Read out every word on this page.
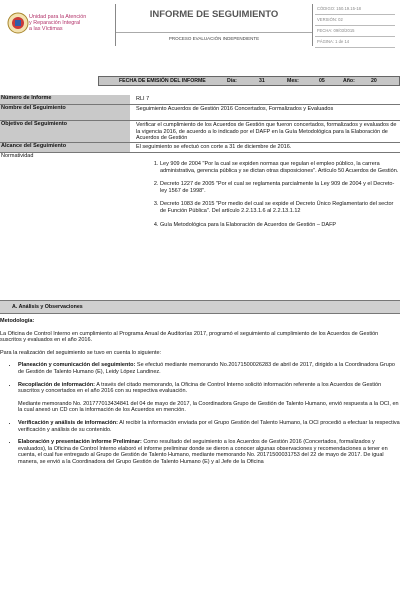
Unidad para la Atención
y Reparación Integral
a las Víctimas
INFORME DE SEGUIMIENTO
PROCESO EVALUACIÓN INDEPENDIENTE
CÓDIGO: 150.19.15-18
VERSIÓN: 02
FECHA: 09/03/2015
PÁGINA: 1 de 14
FECHA DE EMISIÓN DEL INFORME	Día:	31	Mes:	05	Año:	20
Número de Informe	RLI 7
Nombre del Seguimiento	Seguimiento Acuerdos de Gestión 2016 Concertados, Formalizados y Evaluados
Objetivo del Seguimiento	Verificar el cumplimiento de los Acuerdos de Gestión que fueron concertados, formalizados y evaluados de la vigencia 2016, de acuerdo a lo indicado por el DAFP en la Guía Metodológica para la Elaboración de Acuerdos de Gestión
Alcance del Seguimiento	El seguimiento se efectuó con corte a 31 de diciembre de 2016.
Normatividad
1. Ley 909 de 2004 "Por la cual se expiden normas que regulan el empleo público, la carrera administrativa, gerencia pública y se dictan otras disposiciones". Artículo 50 Acuerdos de Gestión.
2. Decreto 1227 de 2005 "Por el cual se reglamenta parcialmente la Ley 909 de 2004 y el Decreto-ley 1567 de 1998".
3. Decreto 1083 de 2015 "Por medio del cual se expide el Decreto Único Reglamentario del sector de Función Pública". Del artículo 2.2.13.1.6 al 2.2.13.1.12
4. Guía Metodológica para la Elaboración de Acuerdos de Gestión – DAFP
A. Análisis y Observaciones

Metodología:

La Oficina de Control Interno en cumplimiento al Programa Anual de Auditorías 2017, programó el seguimiento al cumplimiento de los Acuerdos de Gestión suscritos y evaluados en el año 2016.

Para la realización del seguimiento se tuvo en cuenta lo siguiente:

• Planeación y comunicación del seguimiento: Se efectuó mediante memorando No.20171500026283 de abril de 2017, dirigido a la Coordinadora Grupo de Gestión de Talento Humano (E), Leidy López Landinez.
• Recopilación de información: A través del citado memorando, la Oficina de Control Interno solicitó información referente a los Acuerdos de Gestión suscritos y concertados en el año 2016 con su respectiva evaluación.
Mediante memorando No. 201777013434841 del 04 de mayo de 2017, la Coordinadora Grupo de Gestión de Talento Humano, envió respuesta a la OCI, en la cual anexó un CD con la información de los Acuerdos en mención.
• Verificación y análisis de información: Al recibir la información enviada por el Grupo Gestión del Talento Humano, la OCI procedió a efectuar la respectiva verificación y análisis de su contenido.
• Elaboración y presentación informe Preliminar: Como resultado del seguimiento a los Acuerdos de Gestión 2016 (Concertados, formalizados y evaluados), la Oficina de Control Interno elaboró el informe preliminar donde se dieron a conocer algunas observaciones y recomendaciones a tener en cuenta, el cual fue entregado al Grupo de Gestión de Talento Humano, mediante memorando No. 20171500031753 del 22 de mayo de 2017. De igual manera, se envió a la Coordinadora del Grupo Gestión de Talento Humano (E) y al Jefe de la Oficina
